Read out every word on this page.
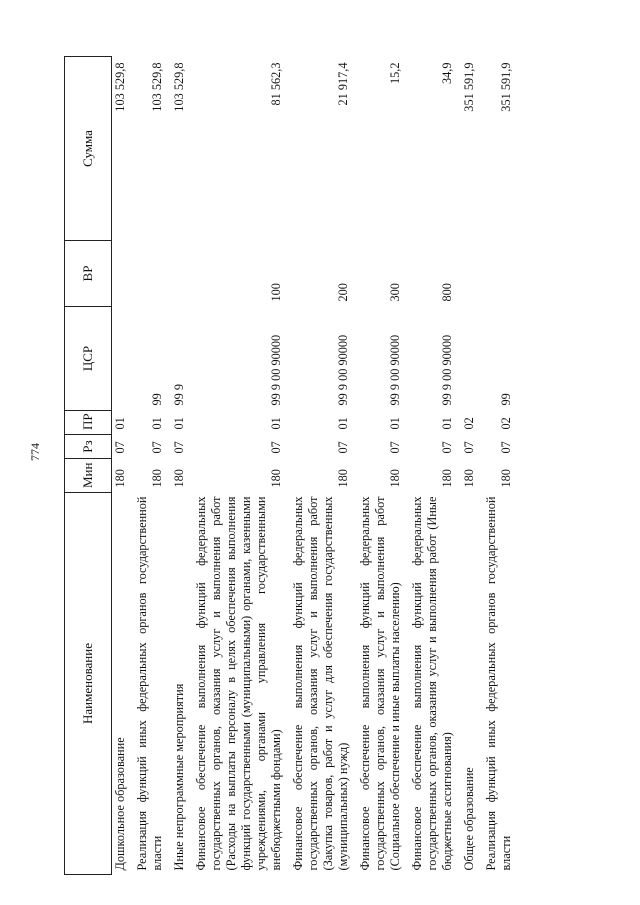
774
Наименование	Мин	Рз	ПР	ЦСР	ВР	Сумма
Дошкольное образование	180	07	01			103 529,8
Реализация функций иных федеральных органов государственной власти	180	07	01	99		103 529,8
Иные непрограммные мероприятия	180	07	01	99 9		103 529,8
Финансовое обеспечение выполнения функций федеральных государственных органов, оказания услуг и выполнения работ (Расходы на выплаты персоналу в целях обеспечения выполнения функций государственными (муниципальными) органами, казенными учреждениями, органами управления государственными внебюджетными фондами)	180	07	01	99 9 00 90000	100	81 562,3
Финансовое обеспечение выполнения функций федеральных государственных органов, оказания услуг и выполнения работ (Закупка товаров, работ и услуг для обеспечения государственных (муниципальных) нужд)	180	07	01	99 9 00 90000	200	21 917,4
Финансовое обеспечение выполнения функций федеральных государственных органов, оказания услуг и выполнения работ (Социальное обеспечение и иные выплаты населению)	180	07	01	99 9 00 90000	300	15,2
Финансовое обеспечение выполнения функций федеральных государственных органов, оказания услуг и выполнения работ (Иные бюджетные ассигнования)	180	07	01	99 9 00 90000	800	34,9
Общее образование	180	07	02			351 591,9
Реализация функций иных федеральных органов государственной власти	180	07	02	99		351 591,9
